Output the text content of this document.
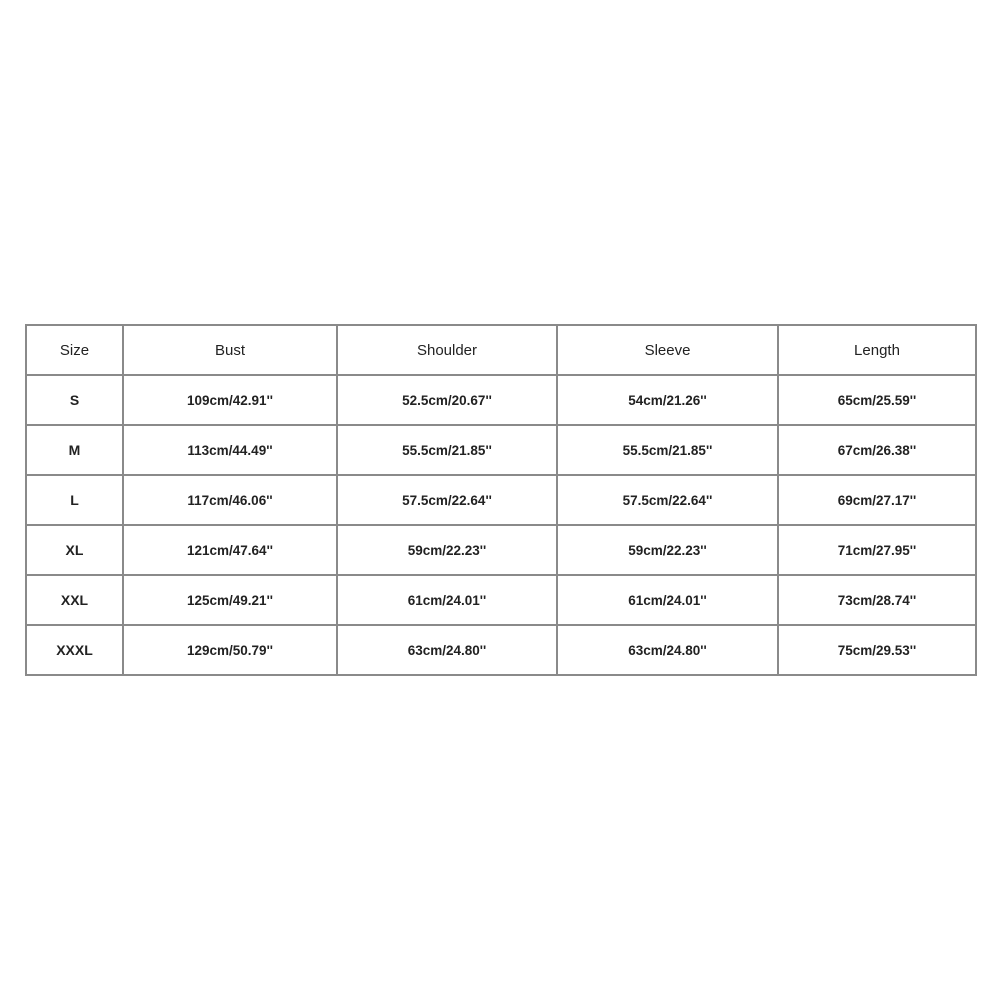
Size	Bust	Shoulder	Sleeve	Length
S	109cm/42.91''	52.5cm/20.67''	54cm/21.26''	65cm/25.59''
M	113cm/44.49''	55.5cm/21.85''	55.5cm/21.85''	67cm/26.38''
L	117cm/46.06''	57.5cm/22.64''	57.5cm/22.64''	69cm/27.17''
XL	121cm/47.64''	59cm/22.23''	59cm/22.23''	71cm/27.95''
XXL	125cm/49.21''	61cm/24.01''	61cm/24.01''	73cm/28.74''
XXXL	129cm/50.79''	63cm/24.80''	63cm/24.80''	75cm/29.53''
